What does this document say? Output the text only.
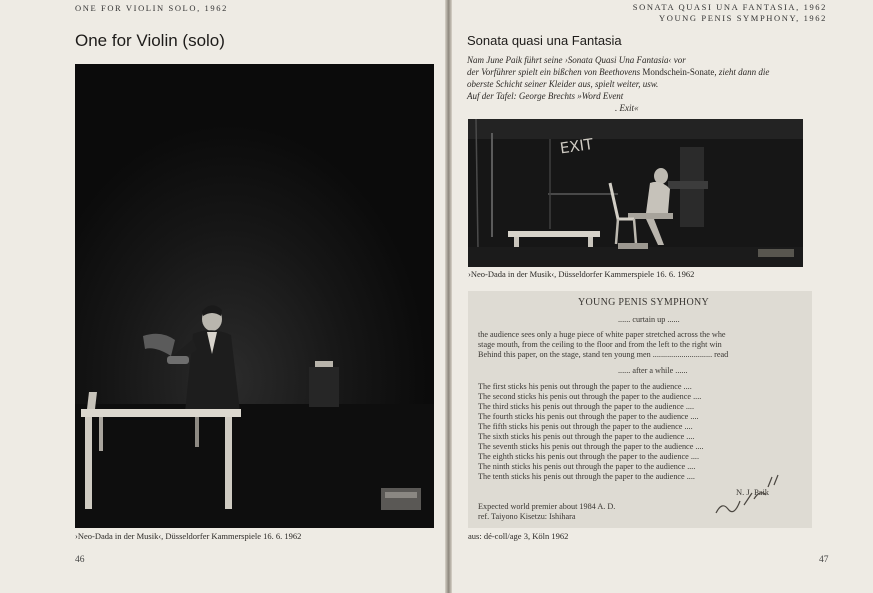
ONE FOR VIOLIN SOLO, 1962
One for Violin (solo)
›Neo-Dada in der Musik‹, Düsseldorfer Kammerspiele 16. 6. 1962
46
SONATA QUASI UNA FANTASIA, 1962
YOUNG PENIS SYMPHONY, 1962
Sonata quasi una Fantasia
Nam June Paik führt seine ›Sonata Quasi Una Fantasia‹ vor
der Vorführer spielt ein bißchen von Beethovens Mondschein-Sonate, zieht dann die
oberste Schicht seiner Kleider aus, spielt weiter, usw.
Auf der Tafel: George Brechts »Word Event
. Exit«
EXIT
›Neo-Dada in der Musik‹, Düsseldorfer Kammerspiele 16. 6. 1962
YOUNG PENIS SYMPHONY
...... curtain up ......
the audience sees only a huge piece of white paper stretched across the whe
stage mouth, from the ceiling to the floor and from the left to the right win
Behind this paper, on the stage, stand ten young men ............................. read
...... after a while ......
The first sticks his penis out through the paper to the audience ....
The second sticks his penis out through the paper to the audience ....
The third sticks his penis out through the paper to the audience ....
The fourth sticks his penis out through the paper to the audience ....
The fifth sticks his penis out through the paper to the audience ....
The sixth sticks his penis out through the paper to the audience ....
The seventh sticks his penis out through the paper to the audience ....
The eighth sticks his penis out through the paper to the audience ....
The ninth sticks his penis out through the paper to the audience ....
The tenth sticks his penis out through the paper to the audience ....
N. J. Paik
Expected world premier about 1984 A. D.
ref. Taiyono Kisetzu: Ishihara
aus: dé-coll/age 3, Köln 1962
47
